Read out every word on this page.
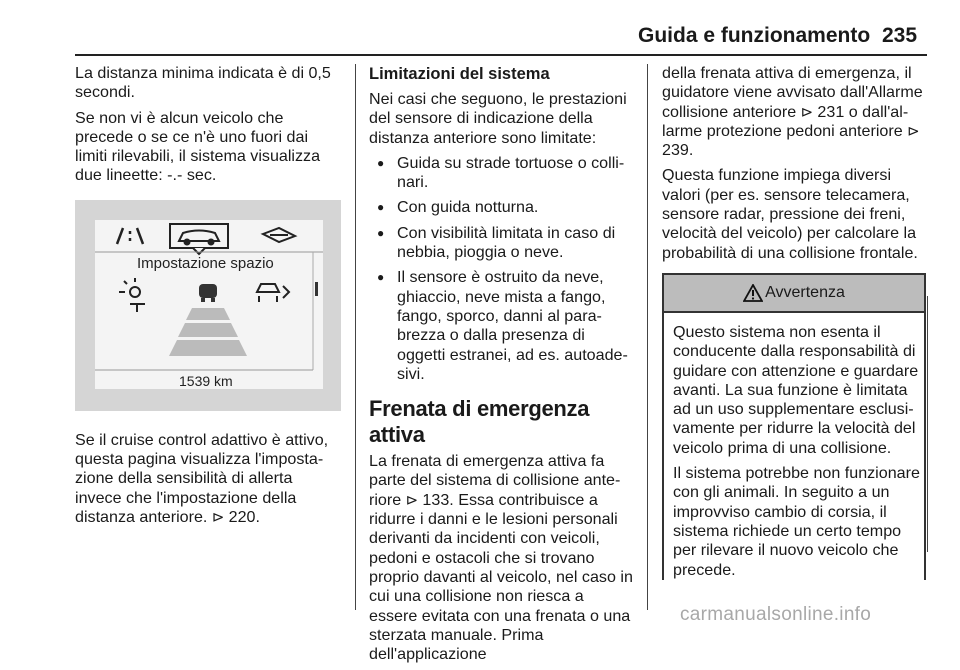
Guida e funzionamento 235

La distanza minima indicata è di 0,5 secondi.

Se non vi è alcun veicolo che precede o se ce n'è uno fuori dai limiti rilevabili, il sistema visualizza due lineette: -.- sec.

Impostazione spazio
1539 km

Se il cruise control adattivo è attivo, questa pagina visualizza l'imposta-zione della sensibilità di allerta invece che l'impostazione della distanza anteriore. ⊳ 220.

Limitazioni del sistema

Nei casi che seguono, le prestazioni del sensore di indicazione della distanza anteriore sono limitate:

● Guida su strade tortuose o colli-nari.
● Con guida notturna.
● Con visibilità limitata in caso di nebbia, pioggia o neve.
● Il sensore è ostruito da neve, ghiaccio, neve mista a fango, fango, sporco, danni al para-brezza o dalla presenza di oggetti estranei, ad es. autoade-sivi.
Frenata di emergenza attiva

La frenata di emergenza attiva fa parte del sistema di collisione ante-riore ⊳ 133. Essa contribuisce a ridurre i danni e le lesioni personali derivanti da incidenti con veicoli, pedoni e ostacoli che si trovano proprio davanti al veicolo, nel caso in cui una collisione non riesca a essere evitata con una frenata o una sterzata manuale. Prima dell'applicazione

della frenata attiva di emergenza, il guidatore viene avvisato dall'Allarme collisione anteriore ⊳ 231 o dall'al-larme protezione pedoni anteriore ⊳ 239.

Questa funzione impiega diversi valori (per es. sensore telecamera, sensore radar, pressione dei freni, velocità del veicolo) per calcolare la probabilità di una collisione frontale.

Avvertenza

Questo sistema non esenta il conducente dalla responsabilità di guidare con attenzione e guardare avanti. La sua funzione è limitata ad un uso supplementare esclusi-vamente per ridurre la velocità del veicolo prima di una collisione.

Il sistema potrebbe non funzionare con gli animali. In seguito a un improvviso cambio di corsia, il sistema richiede un certo tempo per rilevare il nuovo veicolo che precede.

carmanualsonline.info
